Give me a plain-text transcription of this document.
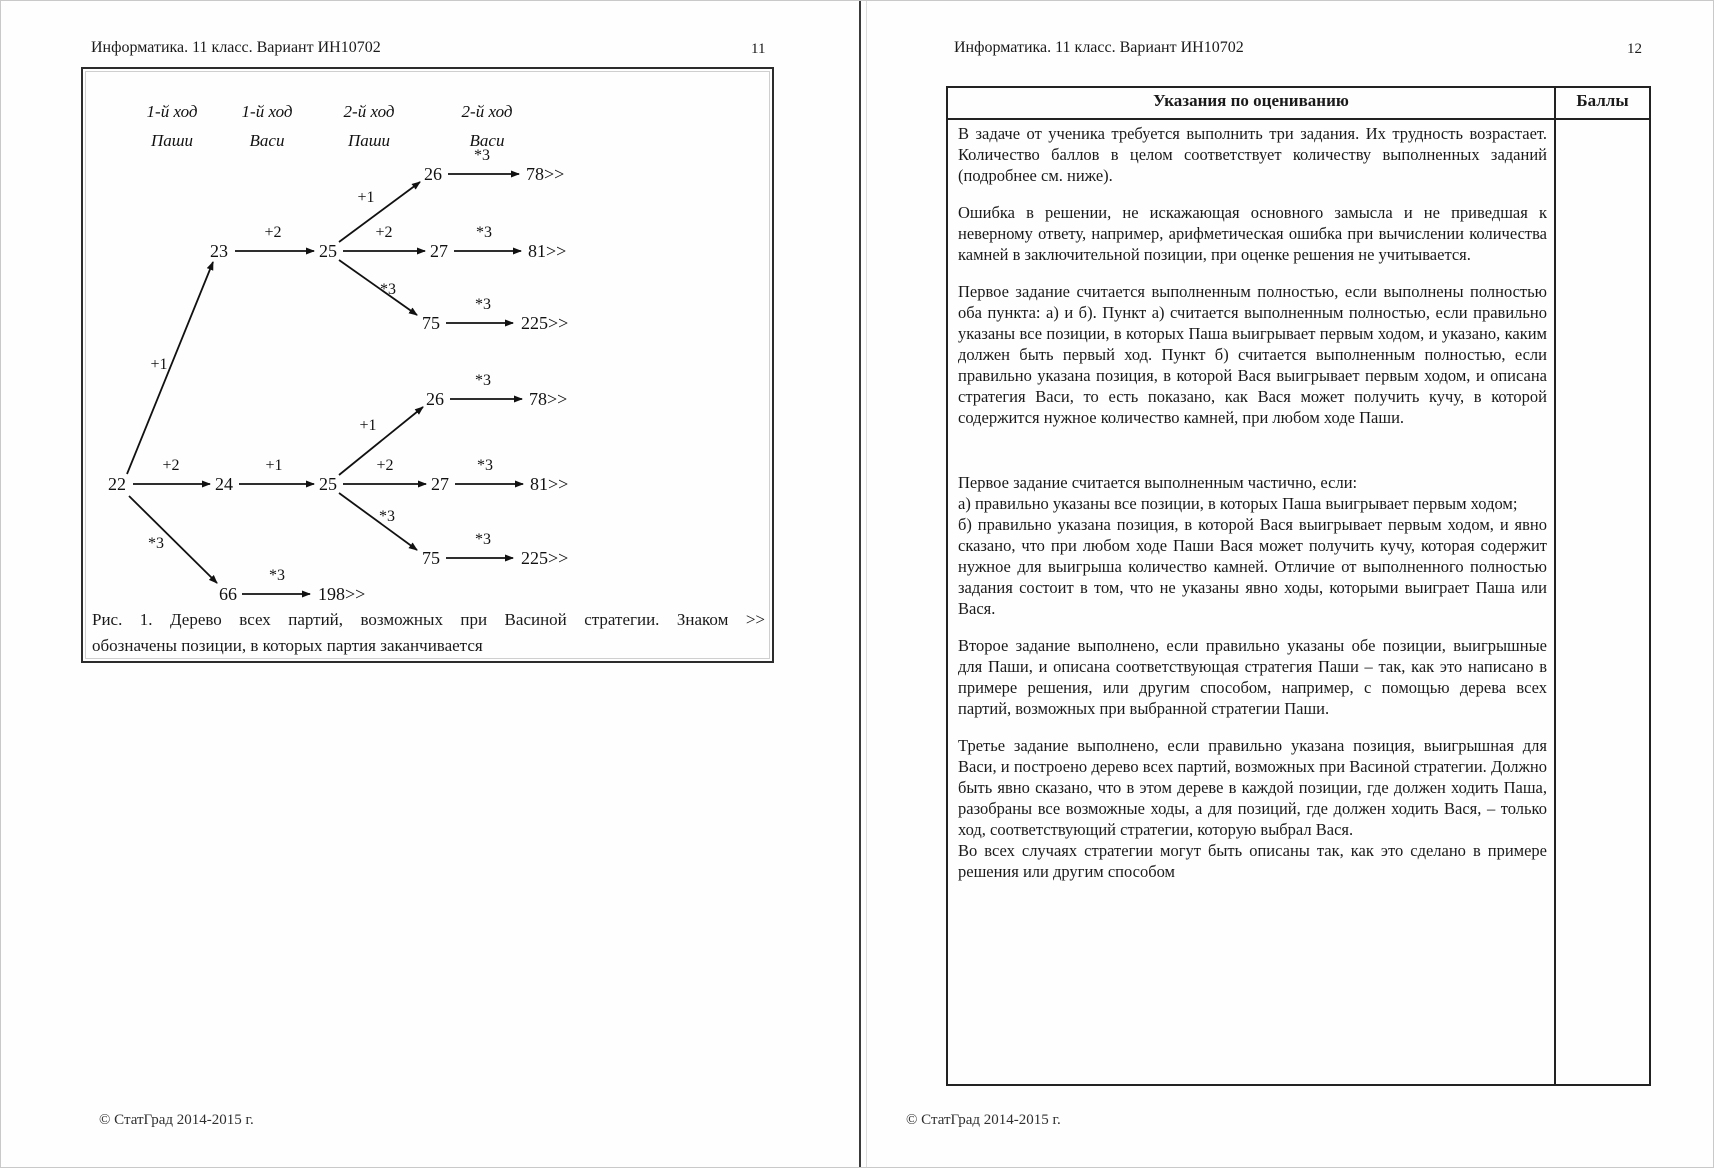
Информатика. 11 класс. Вариант ИН10702	11
1-й ход
Паши
1-й ход
Васи
2-й ход
Паши
2-й ход
Васи
+1
+2
*3
+2
+1
+2
*3
*3
*3
*3
+1
+1
+2
*3
*3
*3
*3
*3
22
23
24
25
26
27
75
78>>
81>>
225>>
25
26
27
75
78>>
81>>
225>>
66	198>>
Рис. 1. Дерево всех партий, возможных при Васиной стратегии. Знаком >>
обозначены позиции, в которых партия заканчивается
© СтатГрад 2014-2015 г.
Информатика. 11 класс. Вариант ИН10702	12
Указания по оцениванию	Баллы

В задаче от ученика требуется выполнить три задания. Их трудность возрастает. Количество баллов в целом соответствует количеству выполненных заданий (подробнее см. ниже).

Ошибка в решении, не искажающая основного замысла и не приведшая к неверному ответу, например, арифметическая ошибка при вычислении количества камней в заключительной позиции, при оценке решения не учитывается.

Первое задание считается выполненным полностью, если выполнены полностью оба пункта: а) и б). Пункт а) считается выполненным полностью, если правильно указаны все позиции, в которых Паша выигрывает первым ходом, и указано, каким должен быть первый ход. Пункт б) считается выполненным полностью, если правильно указана позиция, в которой Вася выигрывает первым ходом, и описана стратегия Васи, то есть показано, как Вася может получить кучу, в которой содержится нужное количество камней, при любом ходе Паши.

Первое задание считается выполненным частично, если:

а) правильно указаны все позиции, в которых Паша выигрывает первым ходом;

б) правильно указана позиция, в которой Вася выигрывает первым ходом, и явно сказано, что при любом ходе Паши Вася может получить кучу, которая содержит нужное для выигрыша количество камней. Отличие от выполненного полностью задания состоит в том, что не указаны явно ходы, которыми выиграет Паша или Вася.

Второе задание выполнено, если правильно указаны обе позиции, выигрышные для Паши, и описана соответствующая стратегия Паши – так, как это написано в примере решения, или другим способом, например, с помощью дерева всех партий, возможных при выбранной стратегии Паши.

Третье задание выполнено, если правильно указана позиция, выигрышная для Васи, и построено дерево всех партий, возможных при Васиной стратегии. Должно быть явно сказано, что в этом дереве в каждой позиции, где должен ходить Паша, разобраны все возможные ходы, а для позиций, где должен ходить Вася, – только ход, соответствующий стратегии, которую выбрал Вася.

Во всех случаях стратегии могут быть описаны так, как это сделано в примере решения или другим способом

© СтатГрад 2014-2015 г.
